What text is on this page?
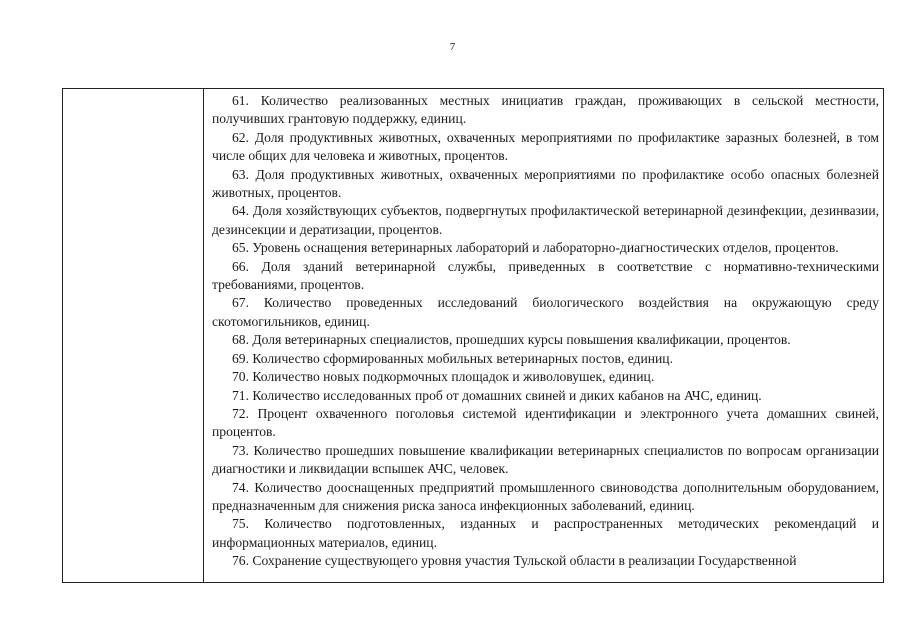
7

61. Количество реализованных местных инициатив граждан, проживающих в сельской местности, получивших грантовую поддержку, единиц.

62. Доля продуктивных животных, охваченных мероприятиями по профилактике заразных болезней, в том числе общих для человека и животных, процентов.

63. Доля продуктивных животных, охваченных мероприятиями по профилактике особо опасных болезней животных, процентов.

64. Доля хозяйствующих субъектов, подвергнутых профилактической ветеринарной дезинфекции, дезинвазии, дезинсекции и дератизации, процентов.

65. Уровень оснащения ветеринарных лабораторий и лабораторно-диагностических отделов, процентов.

66. Доля зданий ветеринарной службы, приведенных в соответствие с нормативно-техническими требованиями, процентов.

67. Количество проведенных исследований биологического воздействия на окружающую среду скотомогильников, единиц.

68. Доля ветеринарных специалистов, прошедших курсы повышения квалификации, процентов.

69. Количество сформированных мобильных ветеринарных постов, единиц.

70. Количество новых подкормочных площадок и живоловушек, единиц.

71. Количество исследованных проб от домашних свиней и диких кабанов на АЧС, единиц.

72. Процент охваченного поголовья системой идентификации и электронного учета домашних свиней, процентов.

73. Количество прошедших повышение квалификации ветеринарных специалистов по вопросам организации диагностики и ликвидации вспышек АЧС, человек.

74. Количество дооснащенных предприятий промышленного свиноводства дополнительным оборудованием, предназначенным для снижения риска заноса инфекционных заболеваний, единиц.

75. Количество подготовленных, изданных и распространенных методических рекомендаций и информационных материалов, единиц.

76. Сохранение существующего уровня участия Тульской области в реализации Государственной
